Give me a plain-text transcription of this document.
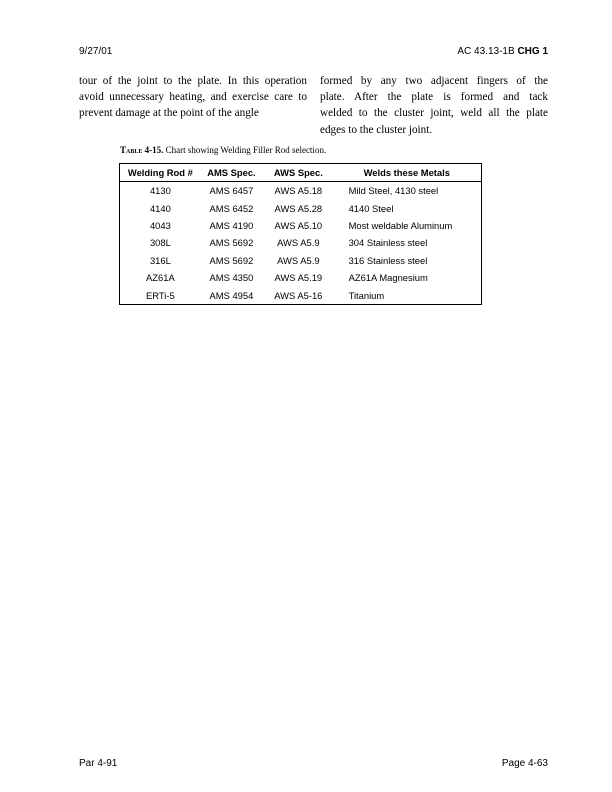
9/27/01	AC 43.13-1B CHG 1

tour of the joint to the plate. In this operation
avoid unnecessary heating, and exercise care to
prevent damage at the point of the angle

formed by any two adjacent fingers of the
plate. After the plate is formed and tack
welded to the cluster joint, weld all the plate
edges to the cluster joint.

Table 4-15. Chart showing Welding Filler Rod selection.
Welding Rod #	AMS Spec.	AWS Spec.	Welds these Metals
4130	AMS 6457	AWS A5.18	Mild Steel, 4130 steel
4140	AMS 6452	AWS A5.28	4140 Steel
4043	AMS 4190	AWS A5.10	Most weldable Aluminum
308L	AMS 5692	AWS A5.9	304 Stainless steel
316L	AMS 5692	AWS A5.9	316 Stainless steel
AZ61A	AMS 4350	AWS A5.19	AZ61A Magnesium
ERTi-5	AMS 4954	AWS A5-16	Titanium
Par 4-91	Page 4-63
